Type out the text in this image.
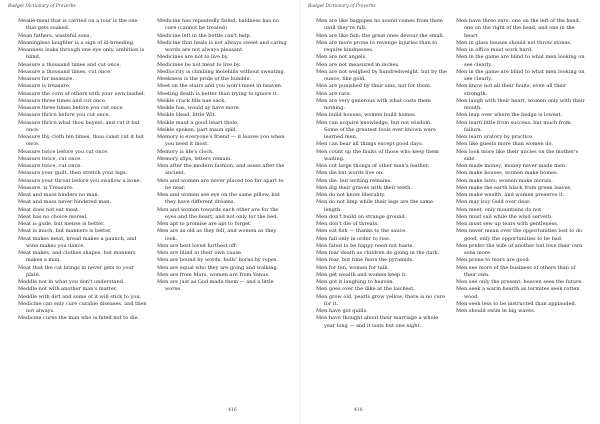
Budget Dictionary of Proverbs
Mealie-meal that is carried on a tour is the one that gets soaked.
Mean fathers, wasteful sons.
Meaningless laughter is a sign of ill-breeding.
Meanness leaks through one eye only, ambition is blind.
Measure a thousand times and cut once.
Measure a thousand times, cut once.
Measure for measure.
Measure is treasure.
Measure the corn of others with your own bushel.
Measure three times and cut once.
Measure three times before you cut once.
Measure thrice before you cut once.
Measure thrice what thou buyest; and cut it but once.
Measure thy cloth ten times, thou canst cut it but once.
Measure twice before you cut once.
Measure twice, cut once.
Measure twice, cut once.
Measure your guilt, then stretch your legs.
Measure your throat before you swallow a bone.
Measure, is Treasure.
Meat and mass hinders no man.
Meat and mass never hindered man.
Meat does not eat meat.
Meat has no choice morsel.
Meat is gude, but mense is better.
Meat is much, but manners is better.
Meat makes meat, bread makes a paunch, and wine makes you dance.
Meat makes, and clothes shapes, but manners makes a man.
Meat that the cat brings in never gets to your plate.
Meddle not in what you don't understand.
Meddle not with another man's matter.
Meddle with dirt and some of it will stick to you.
Medicine can only cure curable diseases, and then not always.
Medicine cures the man who is fated not to die.
Medicine has repeatedly failed, baldness has no cure (cannot be treated)
Medicine left in the bottle can't help.
Medicine that heals is not always sweet and caring words are not always pleasant.
Medicines are not to live by.
Medicines be not meat to live by.
Mediocrity is climbing molehills without sweating.
Meekness is the pride of the humble.
Meet on the stairs and you won't meet in heaven.
Meeting death is better than trying to ignore it.
Meikle crack fills nae sack.
Meikle has, would ay have more.
Meikle Head, little Wit.
Meikle maut a good heart thole.
Meikle spoken, part maun spill.
Memory is everyone's friend — it leaves you when you need it most.
Memory is life's clock.
Memory slips, letters remain.
Men after the modern fashion, and asses after the ancient.
Men and women are never placed too far apart to be near.
Men and women see eye on the same pillow, but they have different dreams.
Men and women towards each other are for the eyes and the heart, and not only for the bed.
Men apt to promise are apt to forget.
Men are as old as they fell, and women as they look.
Men are best loved furthest off.
Men are blind in their own cause.
Men are bound by words, bulls' horns by ropes.
Men are equal who they are going and walking.
Men are from Mars, women are from Venus.
Men are just as God made them — and a little worse.
416
Budget Dictionary of Proverbs
Men are like bagpipes no sound comes from them until they're full.
Men are like fish; the great ones devour the small.
Men are more prone to revenge injuries than to requite kindnesses.
Men are not angels.
Men are not measured in inches.
Men are not weighed by hundredweight, but by the ounce, like gold.
Men are punished by their sins, not for them.
Men are rare.
Men are very generous with what costs them nothing.
Men build houses; women build homes.
Men can acquire knowledge, but not wisdom. Some of the greatest fools ever known were learned men.
Men can bear all things except good days.
Men count up the faults of those who keep them waiting.
Men cut large thongs of other men's leather.
Men die but words live on.
Men die, but writing remains.
Men dig their graves with their teeth.
Men do not know liberality.
Men do not limp while their legs are the same length.
Men don't build on strange ground.
Men don't die of threats.
Men eat fish — thanks to the sauce.
Men fall only in order to rise.
Men fated to be happy need not haste.
Men fear death as children do going in the dark.
Men fear, but time fears the pyramids.
Men for ten, women for talk.
Men get wealth and women keep it.
Men got it laughing to heaven.
Men goes over the dike at the laichest.
Men grow old, pearls grow yellow, there is no cure for it.
Men have got quills.
Men have thought about their marriage a whole year long — and it lasts but one night.
Men have three ears: one on the left of the head, one on the right of the head, and one in the heart.
Men in glass houses should not throw stones.
Men in office must work hard.
Men in the game are blind to what men looking on see clearly.
Men in the game are blind to what men looking on see clearly.
Men know not all their faults, even all their strength.
Men laugh with their heart, women only with their mouth.
Men leap over where the hedge is lowest.
Men learn little from success, but much from failure.
Men learn oratory by practice.
Men like guests more than women do.
Men look more like their uncles on the mother's side.
Men made money; money never made men.
Men make houses, women make homes.
Men make laws; women make morals.
Men make the earth black from green leaves.
Men make wealth, and women preserve it.
Men may buy Gold over dear.
Men meet, only mountains do not.
Men must sail while the wind serveth.
Men must sew up tears with gentleness.
Men never mean over the opportunities lost to do good, only the opportunities to be bad.
Men prefer the wife of another but love their own sons more.
Men prone to tears are good.
Men see more of the business of others than of their own.
Men see only the present; heaven sees the future.
Men seek a warm hearth as termites seek rotten wood.
Men seek less to be instructed than applauded.
Men should swim in big waves.
416
